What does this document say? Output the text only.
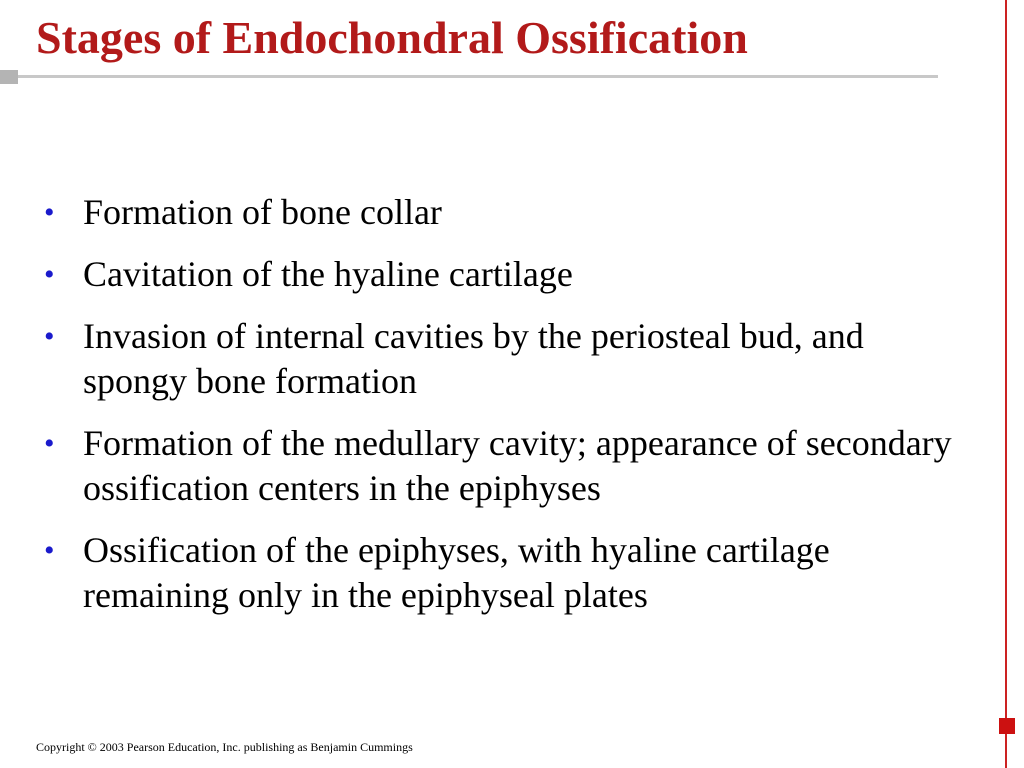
Stages of Endochondral Ossification
• Formation of bone collar
• Cavitation of the hyaline cartilage
• Invasion of internal cavities by the periosteal bud, and spongy bone formation
• Formation of the medullary cavity; appearance of secondary ossification centers in the epiphyses
• Ossification of the epiphyses, with hyaline cartilage remaining only in the epiphyseal plates
Copyright © 2003 Pearson Education, Inc. publishing as Benjamin Cummings
